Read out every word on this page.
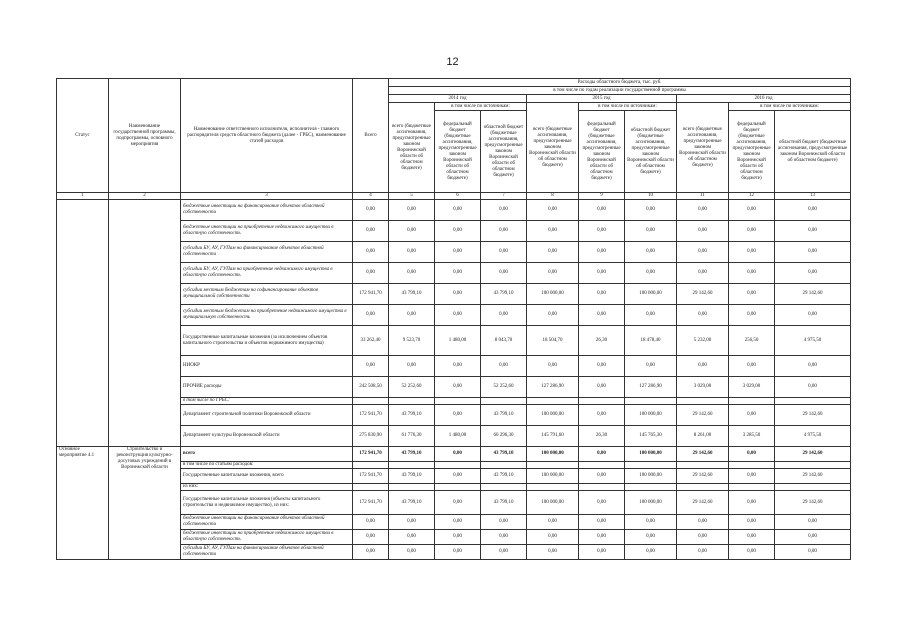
12
Статус	Наименование государственной программы, подпрограммы, основного мероприятия	Наименование ответственного исполнителя, исполнителя - главного распорядителя средств областного бюджета (далее - ГРБС), наименование статей расходов	Всего	Расходы областного бюджета, тыс. руб.								
				в том числе по годам реализации государственной программы								
				2014 год			2015 год			2016 год		
				всего (бюджетные ассигнования, предусмотренные законом Воронежской области об областном бюджете)	в том числе по источникам:		всего (бюджетные ассигнования, предусмотренные законом Воронежской области об областном бюджете)	в том числе по источникам:		всего (бюджетные ассигнования, предусмотренные законом Воронежской области об областном бюджете)	в том числе по источникам:	
					федеральный бюджет (бюджетные ассигнования, предусмотренные законом Воронежской области об областном бюджете)	областной бюджет (бюджетные ассигнования, предусмотренные законом Воронежской области об областном бюджете)		федеральный бюджет (бюджетные ассигнования, предусмотренные законом Воронежской области об областном бюджете)	областной бюджет (бюджетные ассигнования, предусмотренные законом Воронежской области об областном бюджете)		федеральный бюджет (бюджетные ассигнования, предусмотренные законом Воронежской области об областном бюджете)	областной бюджет (бюджетные ассигнования, предусмотренные законом Воронежской области об областном бюджете)
1	2	3	4	5	6	7	8	9	10	11	12	13
		бюджетные инвестиции на финансирование объектов областной собственности	0,00	0,00	0,00	0,00	0,00	0,00	0,00	0,00	0,00	0,00
		бюджетные инвестиции на приобретение недвижимого имущества в областную собственность	0,00	0,00	0,00	0,00	0,00	0,00	0,00	0,00	0,00	0,00
		субсидии БУ, АУ, ГУПам на финансирование объектов областной собственности	0,00	0,00	0,00	0,00	0,00	0,00	0,00	0,00	0,00	0,00
		субсидии БУ, АУ, ГУПам на приобретение недвижимого имущества в областную собственность	0,00	0,00	0,00	0,00	0,00	0,00	0,00	0,00	0,00	0,00
		субсидии местным бюджетам на софинансирование объектов муниципальной собственности	172 941,70	43 799,10	0,00	43 799,10	100 000,00	0,00	100 000,00	29 142,60	0,00	29 142,60
		субсидии местным бюджетам на приобретение недвижимого имущества в муниципальную собственность	0,00	0,00	0,00	0,00	0,00	0,00	0,00	0,00	0,00	0,00
		Государственные капитальные вложения (за исключением объектов капитального строительства и объектов недвижимого имущества)	33 262,40	9 523,70	1 480,00	8 043,70	18 504,70	26,30	18 478,40	5 232,00	256,50	4 975,50
		НИОКР	0,00	0,00	0,00	0,00	0,00	0,00	0,00	0,00	0,00	0,00
		ПРОЧИЕ расходы	242 508,50	52 252,60	0,00	52 252,60	127 286,90	0,00	127 286,90	3 029,00	3 029,00	0,00
		в том числе по ГРБС:										
		Департамент строительной политики Воронежской области	172 941,70	43 799,10	0,00	43 799,10	100 000,00	0,00	100 000,00	29 142,60	0,00	29 142,60
		Департамент культуры Воронежской области	275 830,90	61 776,30	1 480,00	60 296,30	145 791,60	26,30	145 765,30	8 261,00	3 285,50	4 975,50
Основное мероприятие 4.1	Строительство и реконструкция культурно-досуговых учреждений в Воронежской области	всего	172 941,70	43 799,10	0,00	43 799,10	100 000,00	0,00	100 000,00	29 142,60	0,00	29 142,60
		в том числе по статьям расходов:										
		Государственные капитальные вложения, всего	172 941,70	43 799,10	0,00	43 799,10	100 000,00	0,00	100 000,00	29 142,60	0,00	29 142,60
		из них:										
		Государственные капитальные вложения (объекты капитального строительства и недвижимое имущество), из них:	172 941,70	43 799,10	0,00	43 799,10	100 000,00	0,00	100 000,00	29 142,60	0,00	29 142,60
		бюджетные инвестиции на финансирование объектов областной собственности	0,00	0,00	0,00	0,00	0,00	0,00	0,00	0,00	0,00	0,00
		бюджетные инвестиции на приобретение недвижимого имущества в областную собственность	0,00	0,00	0,00	0,00	0,00	0,00	0,00	0,00	0,00	0,00
		субсидии БУ, АУ, ГУПам на финансирование объектов областной собственности	0,00	0,00	0,00	0,00	0,00	0,00	0,00	0,00	0,00	0,00
